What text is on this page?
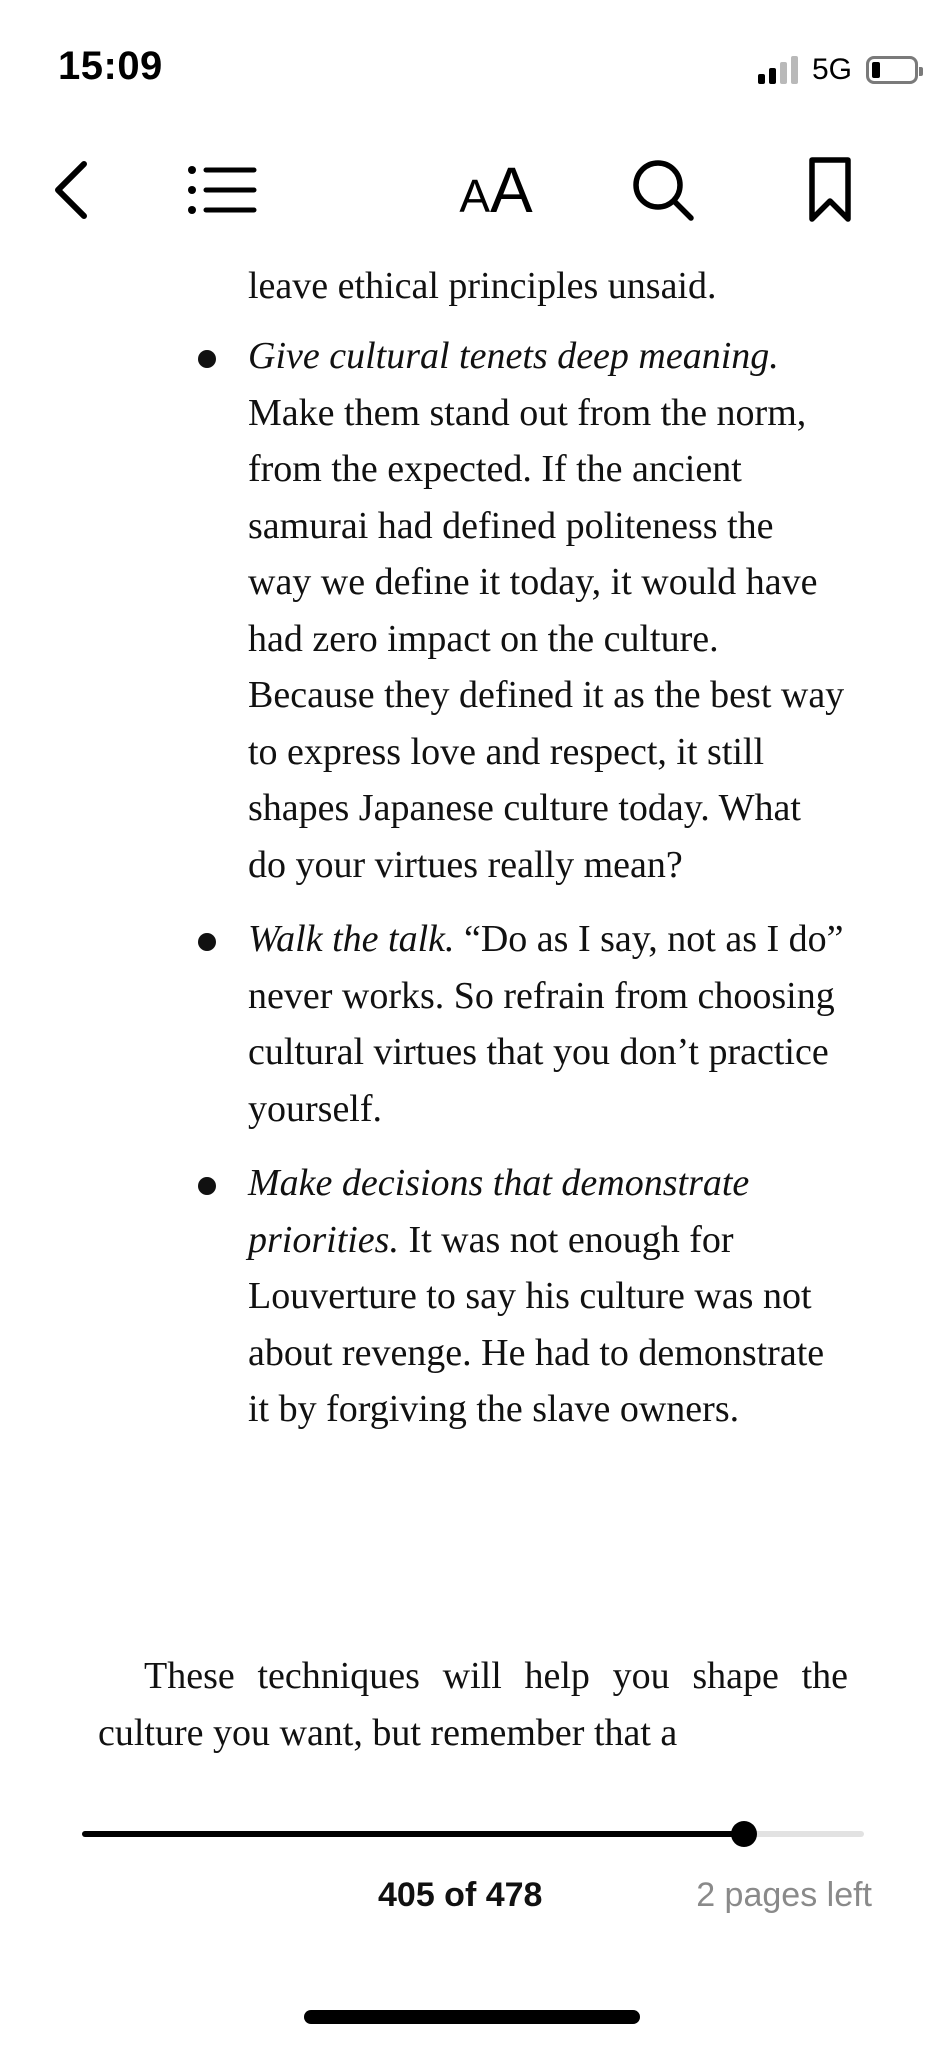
15:09	5G
AA
leave ethical principles unsaid.
Give cultural tenets deep meaning. Make them stand out from the norm, from the expected. If the ancient samurai had defined politeness the way we define it today, it would have had zero impact on the culture. Because they defined it as the best way to express love and respect, it still shapes Japanese culture today. What do your virtues really mean?
Walk the talk. “Do as I say, not as I do” never works. So refrain from choosing cultural virtues that you don’t practice yourself.
Make decisions that demonstrate priorities. It was not enough for Louverture to say his culture was not about revenge. He had to demonstrate it by forgiving the slave owners.

These techniques will help you shape the culture you want, but remember that a

405 of 478	2 pages left
